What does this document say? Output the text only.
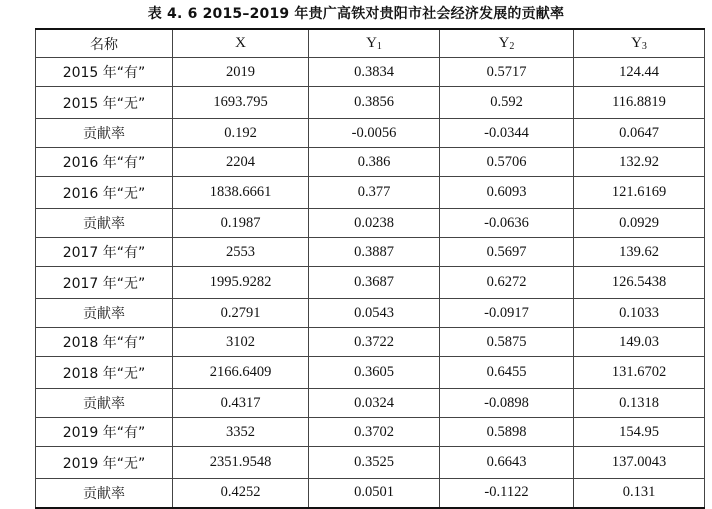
表 4. 6 2015–2019 年贵广高铁对贵阳市社会经济发展的贡献率
名称	X	$Y_1$	$Y_2$	$Y_3$
2015 年“有”	2019	0.3834	0.5717	124.44
2015 年“无”	1693.795	0.3856	0.592	116.8819
贡献率	0.192	-0.0056	-0.0344	0.0647
2016 年“有”	2204	0.386	0.5706	132.92
2016 年“无”	1838.6661	0.377	0.6093	121.6169
贡献率	0.1987	0.0238	-0.0636	0.0929
2017 年“有”	2553	0.3887	0.5697	139.62
2017 年“无”	1995.9282	0.3687	0.6272	126.5438
贡献率	0.2791	0.0543	-0.0917	0.1033
2018 年“有”	3102	0.3722	0.5875	149.03
2018 年“无”	2166.6409	0.3605	0.6455	131.6702
贡献率	0.4317	0.0324	-0.0898	0.1318
2019 年“有”	3352	0.3702	0.5898	154.95
2019 年“无”	2351.9548	0.3525	0.6643	137.0043
贡献率	0.4252	0.0501	-0.1122	0.131
